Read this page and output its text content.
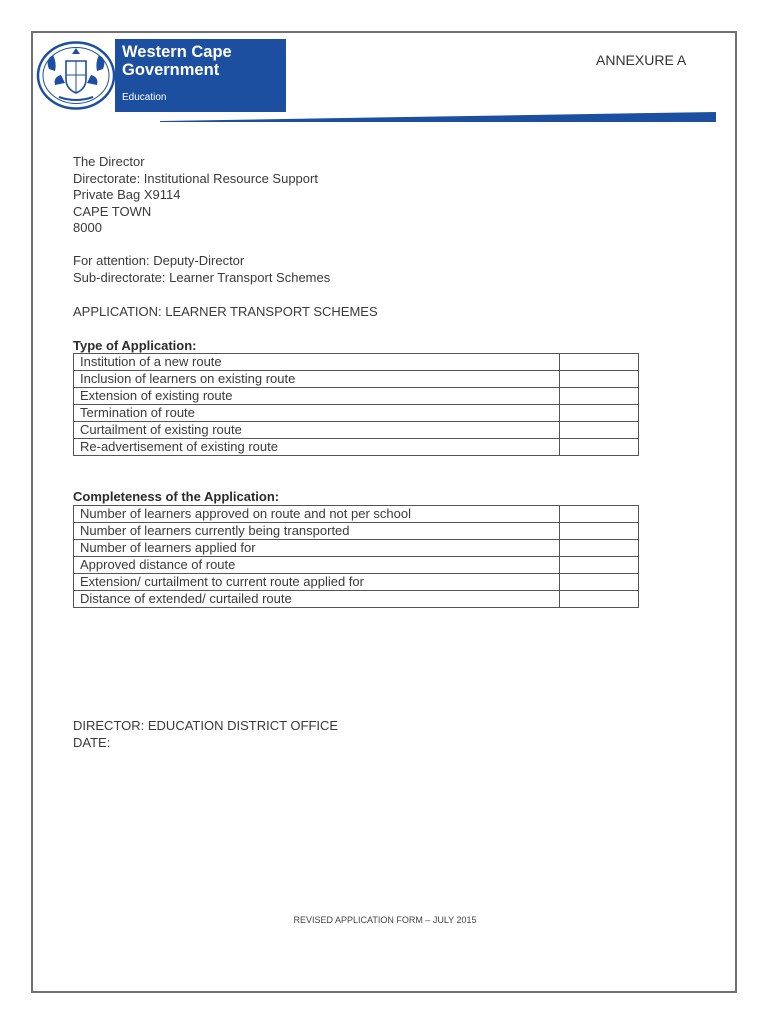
Western Cape
Government
Education
ANNEXURE A
The Director
Directorate: Institutional Resource Support
Private Bag X9114
CAPE TOWN
8000
For attention: Deputy-Director
Sub-directorate: Learner Transport Schemes
APPLICATION: LEARNER TRANSPORT SCHEMES
Type of Application:
Institution of a new route	
Inclusion of learners on existing route	
Extension of existing route	
Termination of route	
Curtailment of existing route	
Re-advertisement of existing route	
Completeness of the Application:
Number of learners approved on route and not per school	
Number of learners currently being transported	
Number of learners applied for	
Approved distance of route	
Extension/ curtailment to current route applied for	
Distance of extended/ curtailed route	
DIRECTOR: EDUCATION DISTRICT OFFICE
DATE:
REVISED APPLICATION FORM – JULY 2015
